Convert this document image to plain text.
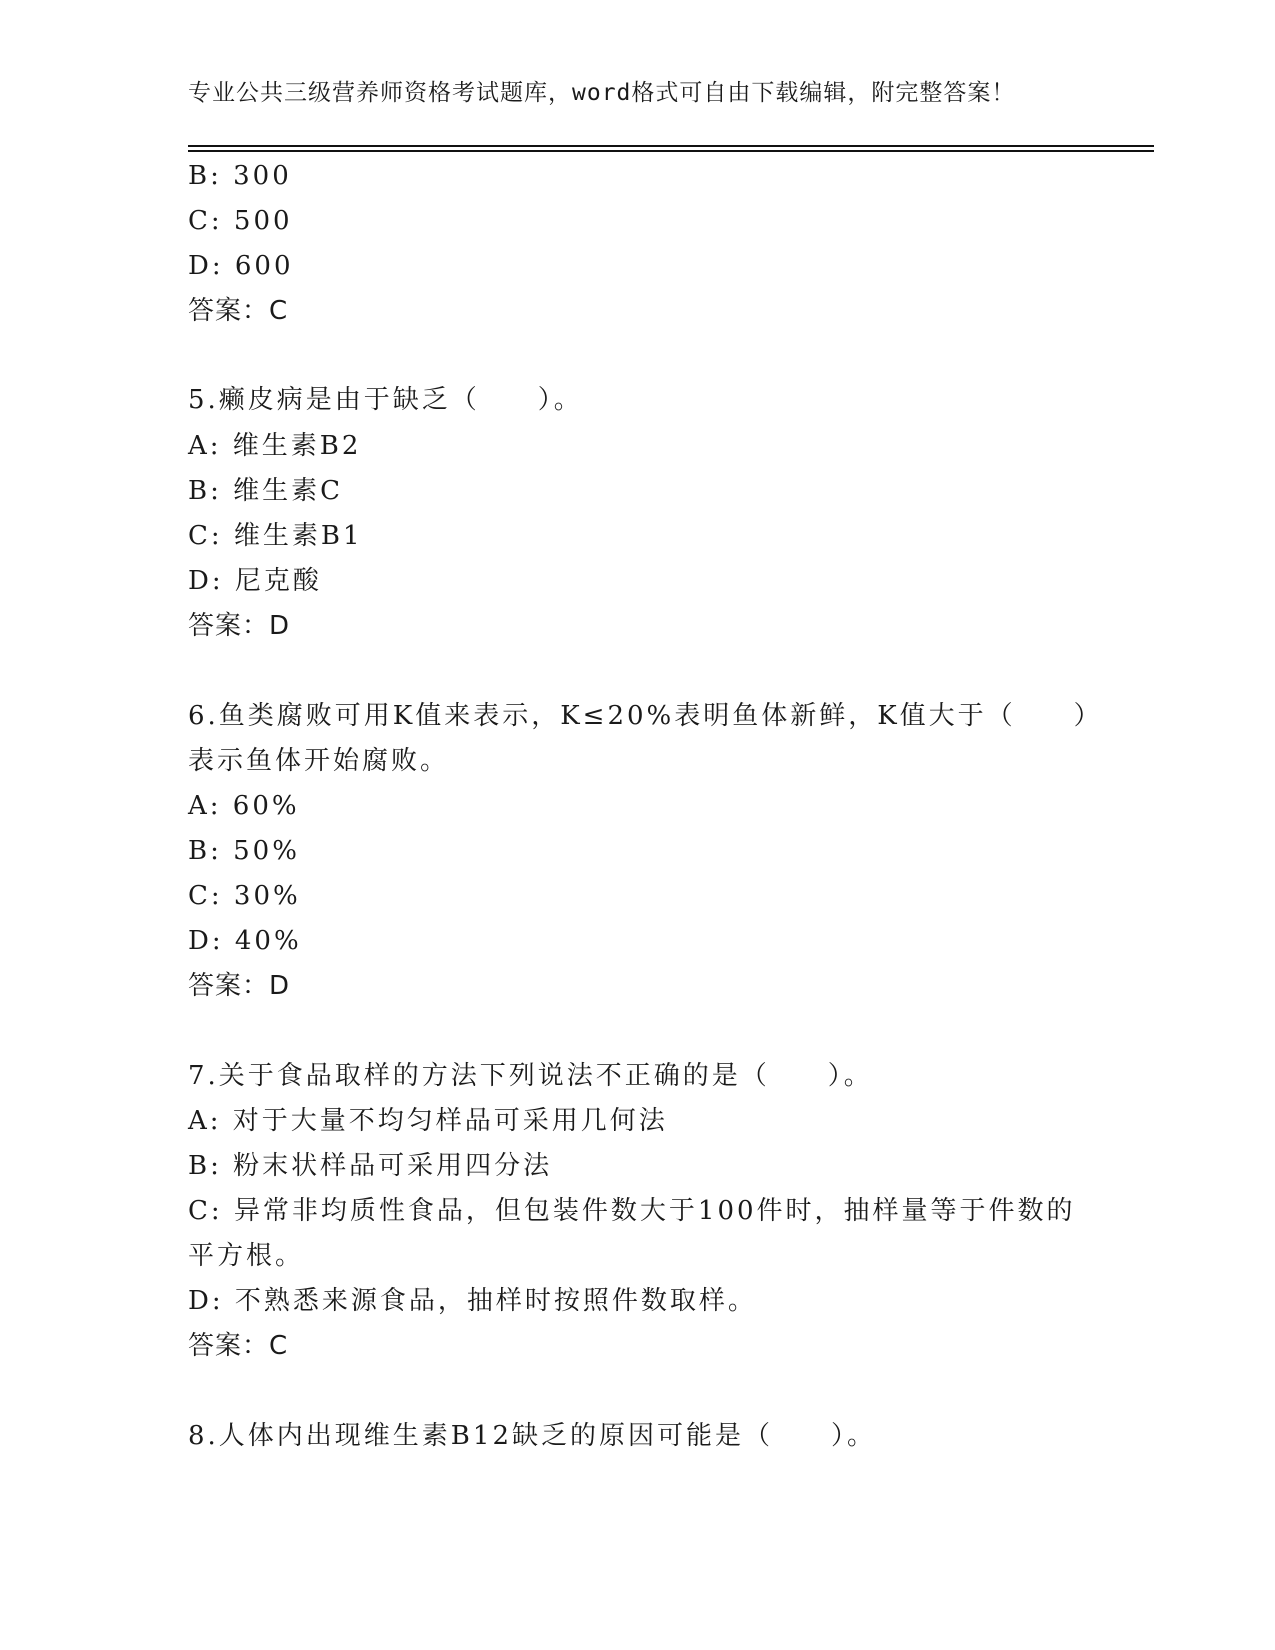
专业公共三级营养师资格考试题库，word格式可自由下载编辑，附完整答案！
B: 300
C: 500
D: 600
答案：C
5.癞皮病是由于缺乏（　　）。
A: 维生素B2
B: 维生素C
C: 维生素B1
D: 尼克酸
答案：D
6.鱼类腐败可用K值来表示，K≤20%表明鱼体新鲜，K值大于（　　）
表示鱼体开始腐败。
A: 60%
B: 50%
C: 30%
D: 40%
答案：D
7.关于食品取样的方法下列说法不正确的是（　　）。
A: 对于大量不均匀样品可采用几何法
B: 粉末状样品可采用四分法
C: 异常非均质性食品，但包装件数大于100件时，抽样量等于件数的
平方根。
D: 不熟悉来源食品，抽样时按照件数取样。
答案：C
8.人体内出现维生素B12缺乏的原因可能是（　　）。
